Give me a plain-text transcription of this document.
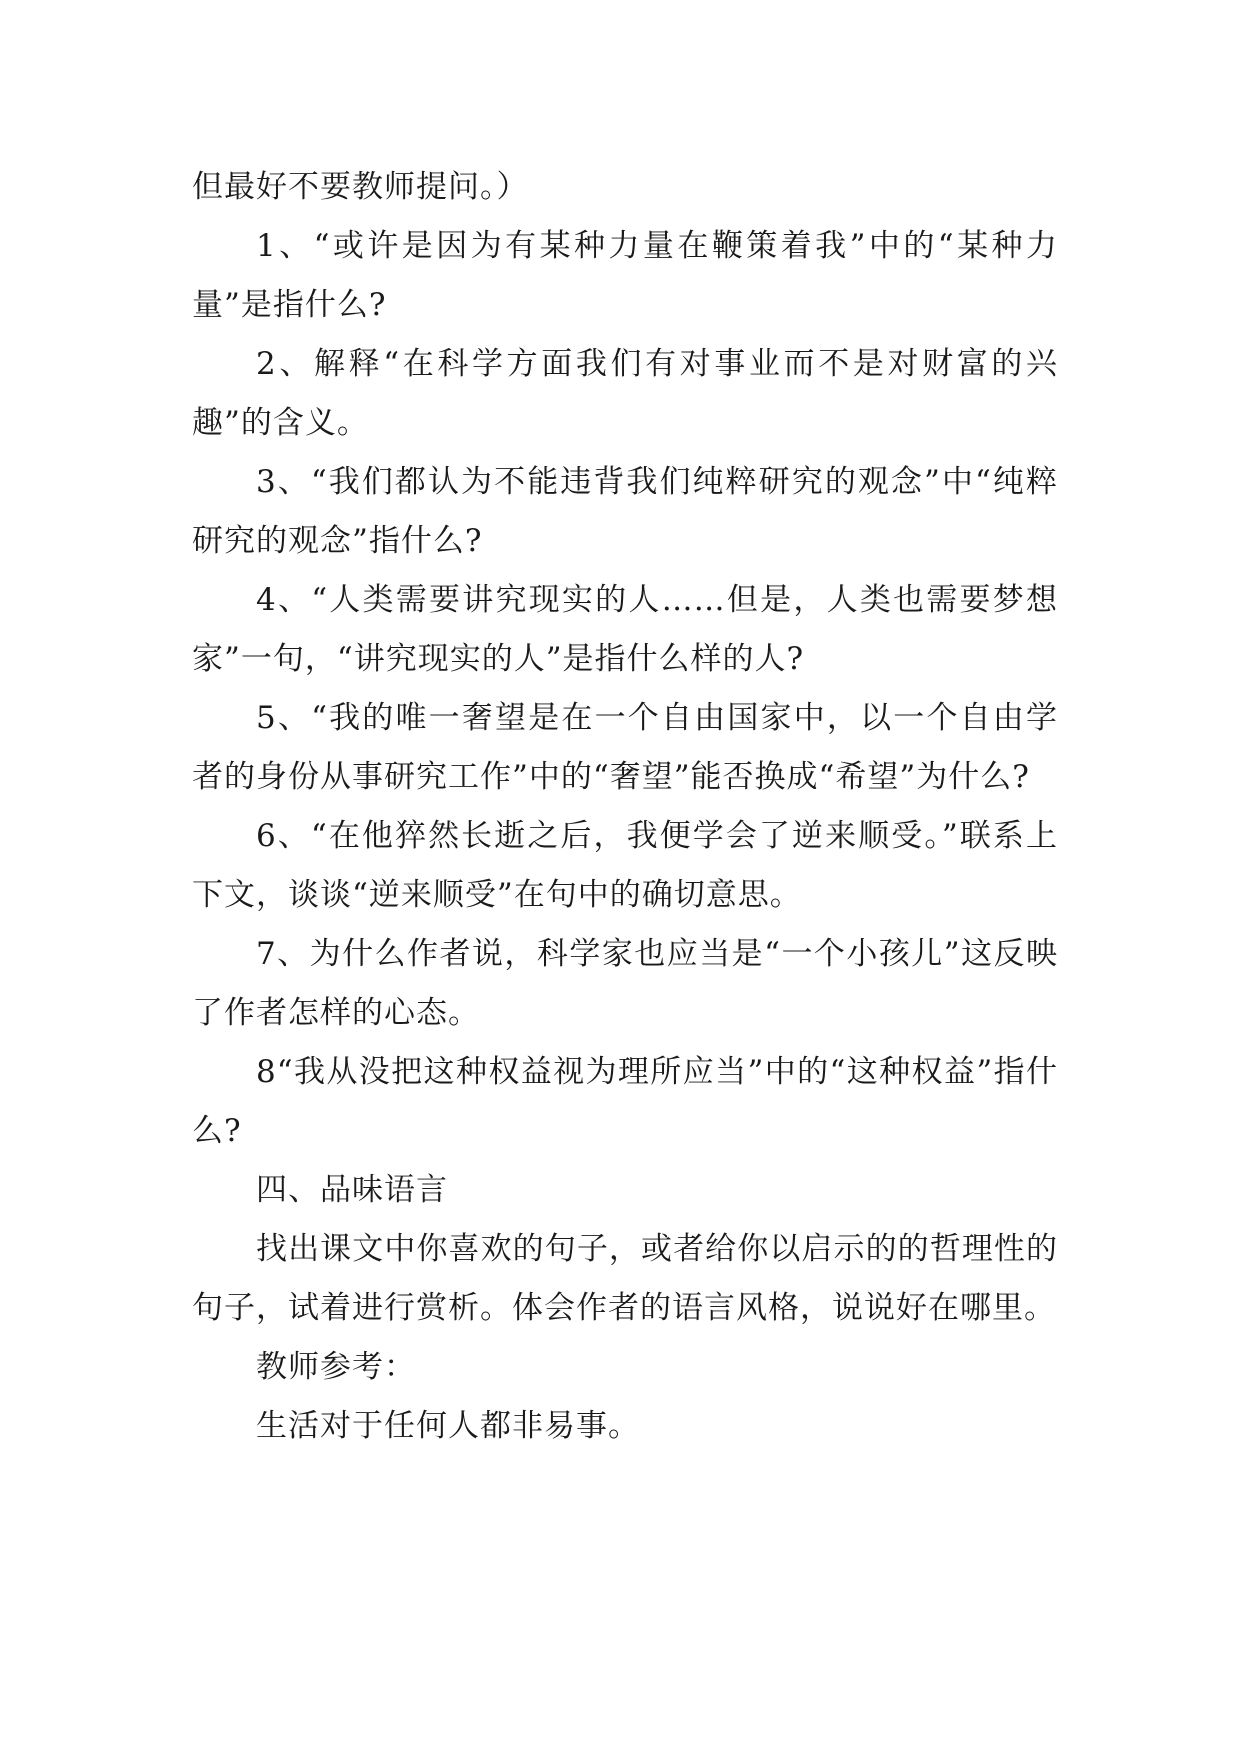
但最好不要教师提问。）

1、“或许是因为有某种力量在鞭策着我”中的“某种力量”是指什么?

2、解释“在科学方面我们有对事业而不是对财富的兴趣”的含义。

3、“我们都认为不能违背我们纯粹研究的观念”中“纯粹研究的观念”指什么?

4、“人类需要讲究现实的人……但是，人类也需要梦想家”一句，“讲究现实的人”是指什么样的人?

5、“我的唯一奢望是在一个自由国家中，以一个自由学者的身份从事研究工作”中的“奢望”能否换成“希望”为什么?

6、“在他猝然长逝之后，我便学会了逆来顺受。”联系上下文，谈谈“逆来顺受”在句中的确切意思。

7、为什么作者说，科学家也应当是“一个小孩儿”这反映了作者怎样的心态。

8“我从没把这种权益视为理所应当”中的“这种权益”指什么?

四、品味语言

找出课文中你喜欢的句子，或者给你以启示的的哲理性的句子，试着进行赏析。体会作者的语言风格，说说好在哪里。

教师参考：

生活对于任何人都非易事。
